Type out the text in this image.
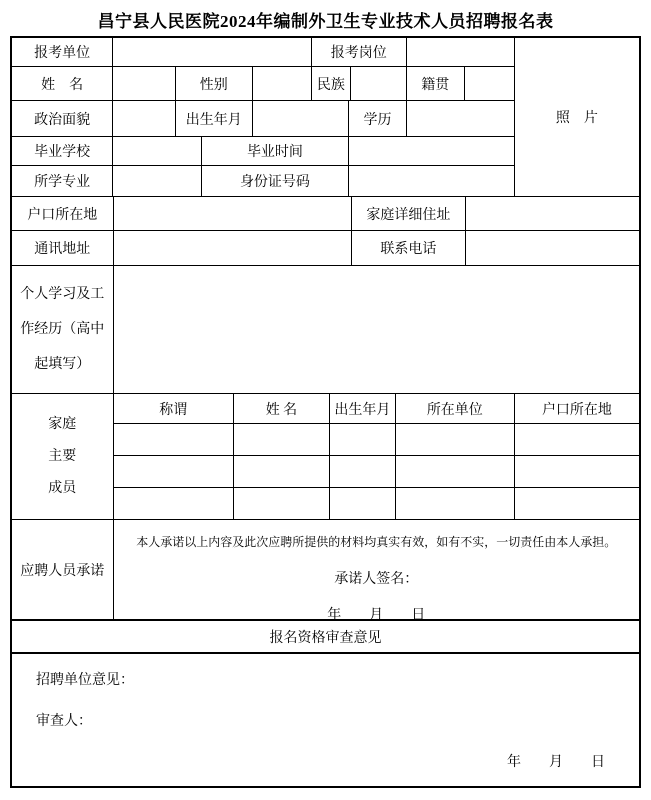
昌宁县人民医院2024年编制外卫生专业技术人员招聘报名表
报考单位	报考岗位
姓　名	性别	民族	籍贯
政治面貌	出生年月	学历
毕业学校	毕业时间
所学专业	身份证号码
照　片
户口所在地	家庭详细住址
通讯地址	联系电话
个人学习及工
作经历（高中
起填写）
家庭
主要
成员
称谓	姓 名	出生年月	所在单位	户口所在地
应聘人员承诺
本人承诺以上内容及此次应聘所提供的材料均真实有效，如有不实，一切责任由本人承担。
承诺人签名：
年　　月　　日
报名资格审查意见
招聘单位意见：
审查人：
年　　月　　日
